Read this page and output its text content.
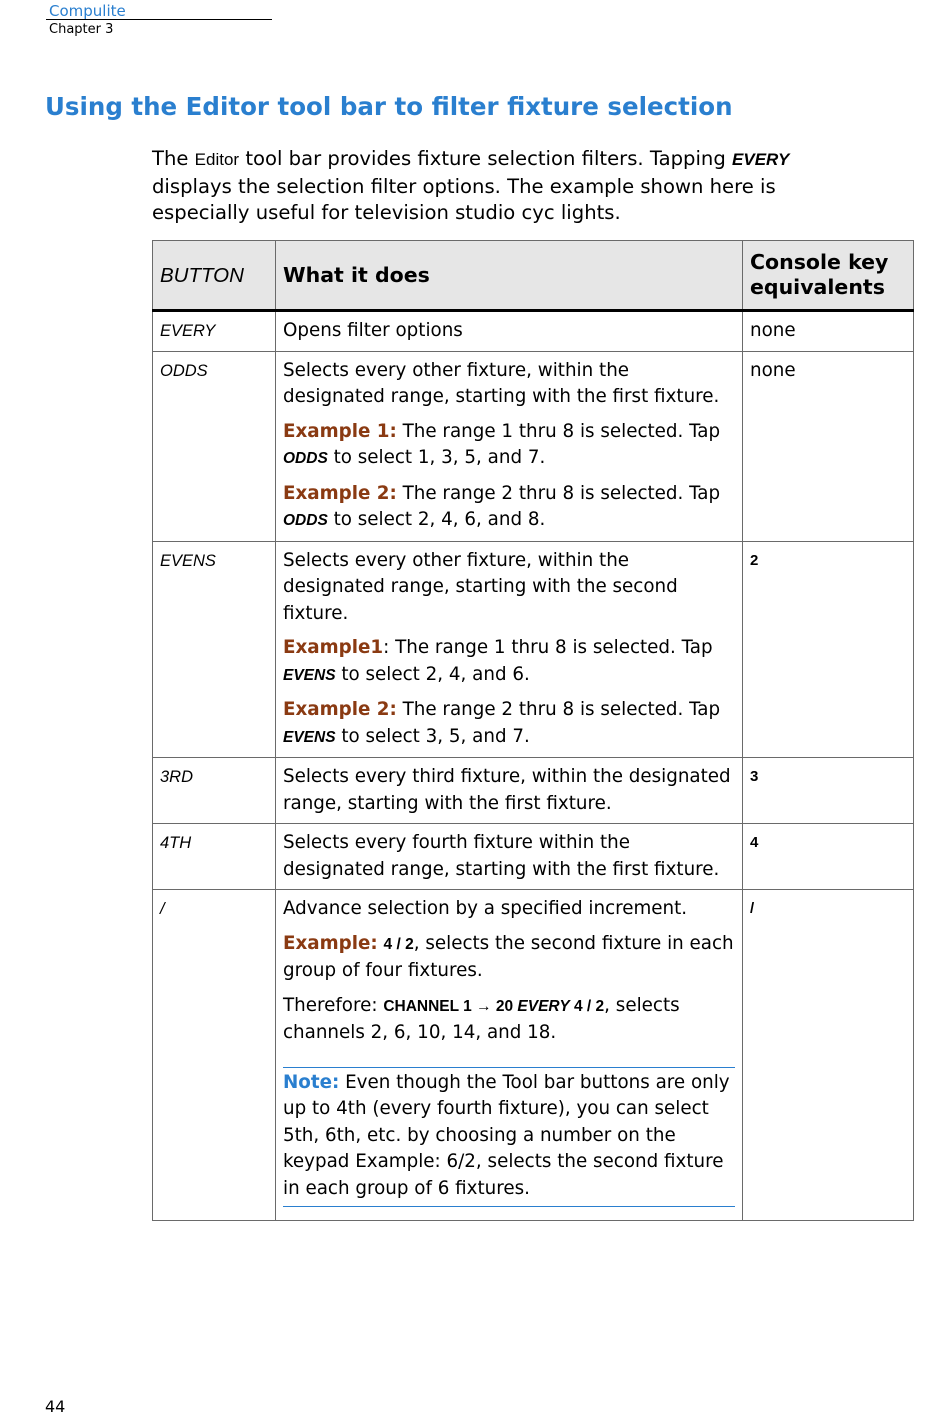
Compulite
Chapter 3
Using the Editor tool bar to filter fixture selection

The Editor tool bar provides fixture selection filters. Tapping EVERY displays the selection filter options. The example shown here is especially useful for television studio cyc lights.

BUTTON	What it does	Console key equivalents
EVERY	Opens filter options	none
ODDS	Selects every other fixture, within the designated range, starting with the first fixture.

Example 1: The range 1 thru 8 is selected. Tap ODDS to select 1, 3, 5, and 7.

Example 2: The range 2 thru 8 is selected. Tap ODDS to select 2, 4, 6, and 8.	none
EVENS	Selects every other fixture, within the designated range, starting with the second fixture.

Example1: The range 1 thru 8 is selected. Tap EVENS to select 2, 4, and 6.

Example 2: The range 2 thru 8 is selected. Tap EVENS to select 3, 5, and 7.	2
3RD	Selects every third fixture, within the designated range, starting with the first fixture.	3
4TH	Selects every fourth fixture within the designated range, starting with the first fixture.	4
/	Advance selection by a specified increment.

Example: 4 / 2, selects the second fixture in each group of four fixtures.

Therefore: CHANNEL 1 → 20 EVERY 4 / 2, selects channels 2, 6, 10, 14, and 18.

Note: Even though the Tool bar buttons are only up to 4th (every fourth fixture), you can select 5th, 6th, etc. by choosing a number on the keypad Example: 6/2, selects the second fixture in each group of 6 fixtures.	/
44
